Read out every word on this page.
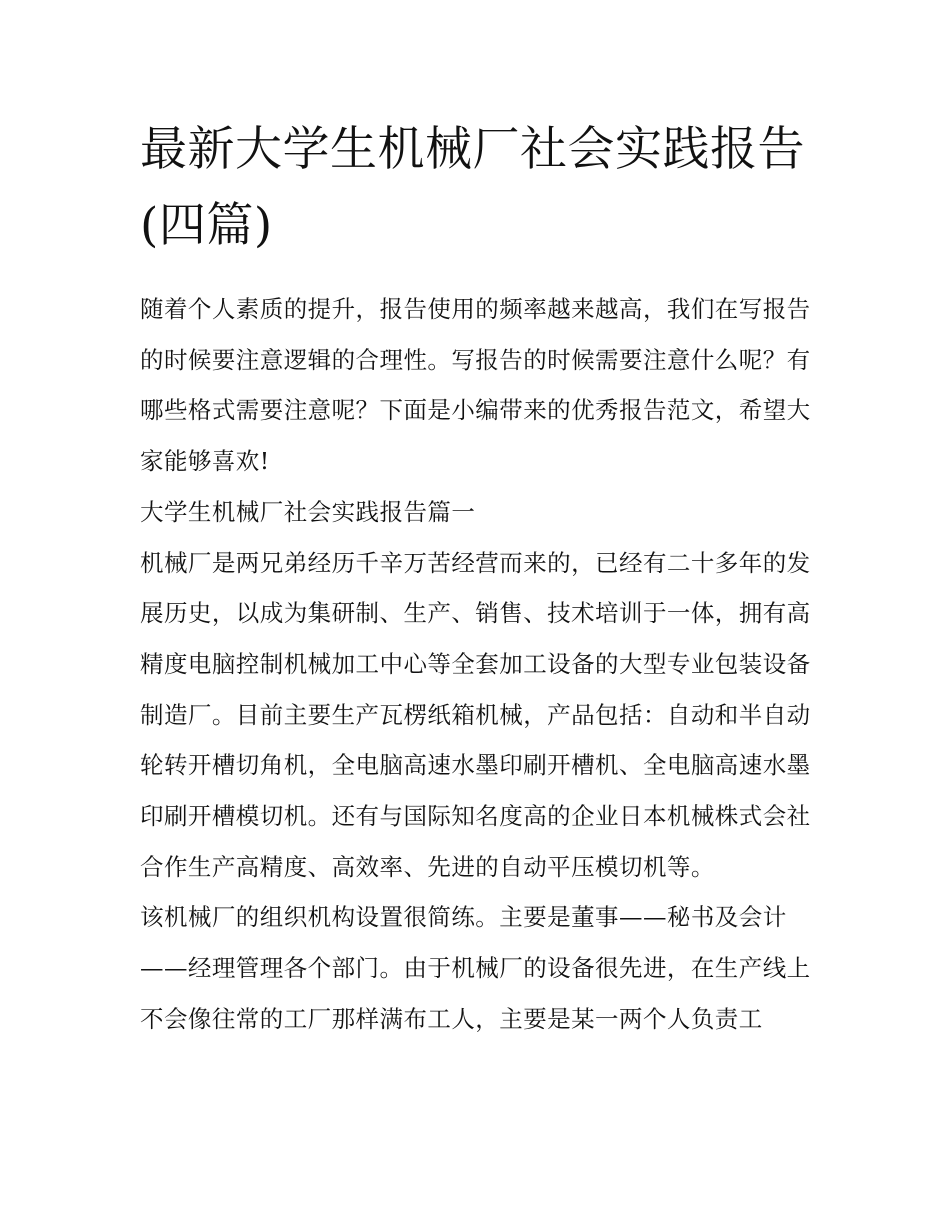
最新大学生机械厂社会实践报告(四篇)

随着个人素质的提升，报告使用的频率越来越高，我们在写报告的时候要注意逻辑的合理性。写报告的时候需要注意什么呢？有哪些格式需要注意呢？下面是小编带来的优秀报告范文，希望大家能够喜欢!

大学生机械厂社会实践报告篇一

机械厂是两兄弟经历千辛万苦经营而来的，已经有二十多年的发展历史，以成为集研制、生产、销售、技术培训于一体，拥有高精度电脑控制机械加工中心等全套加工设备的大型专业包装设备制造厂。目前主要生产瓦楞纸箱机械，产品包括：自动和半自动轮转开槽切角机，全电脑高速水墨印刷开槽机、全电脑高速水墨印刷开槽模切机。还有与国际知名度高的企业日本机械株式会社合作生产高精度、高效率、先进的自动平压模切机等。

该机械厂的组织机构设置很简练。主要是董事——秘书及会计——经理管理各个部门。由于机械厂的设备很先进，在生产线上不会像往常的工厂那样满布工人，主要是某一两个人负责工
